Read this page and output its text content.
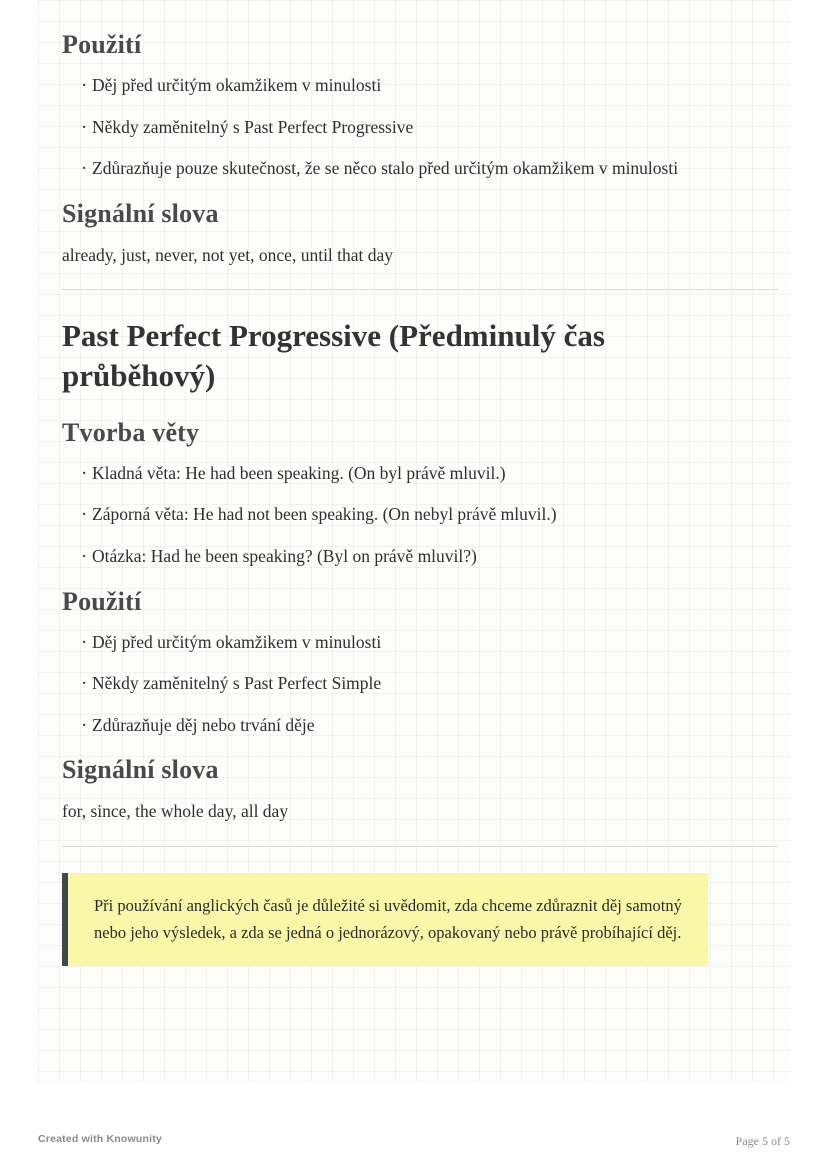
Použití
· Děj před určitým okamžikem v minulosti
· Někdy zaměnitelný s Past Perfect Progressive
· Zdůrazňuje pouze skutečnost, že se něco stalo před určitým okamžikem v minulosti
Signální slova

already, just, never, not yet, once, until that day

Past Perfect Progressive (Předminulý čas průběhový)
Tvorba věty
· Kladná věta: He had been speaking. (On byl právě mluvil.)
· Záporná věta: He had not been speaking. (On nebyl právě mluvil.)
· Otázka: Had he been speaking? (Byl on právě mluvil?)
Použití
· Děj před určitým okamžikem v minulosti
· Někdy zaměnitelný s Past Perfect Simple
· Zdůrazňuje děj nebo trvání děje
Signální slova

for, since, the whole day, all day

Při používání anglických časů je důležité si uvědomit, zda chceme zdůraznit děj samotný nebo jeho výsledek, a zda se jedná o jednorázový, opakovaný nebo právě probíhající děj.

Created with Knowunity	Page 5 of 5
